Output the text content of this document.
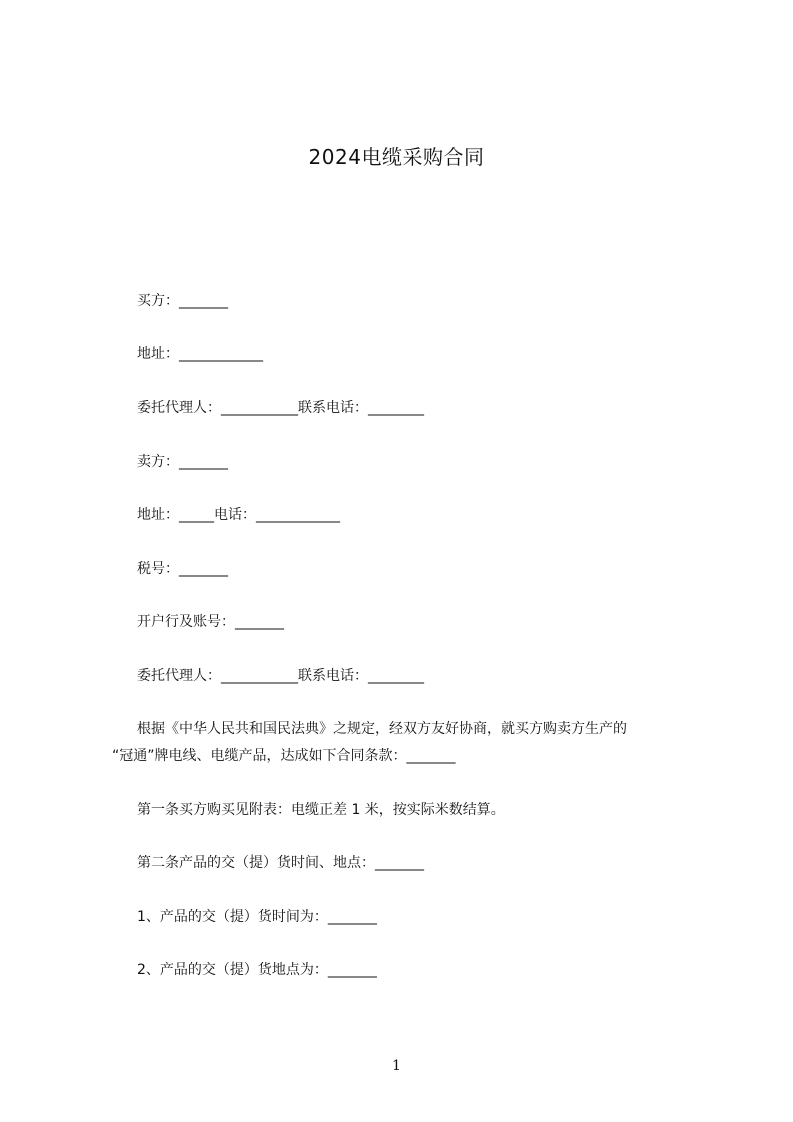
2024电缆采购合同
买方：_______
地址：____________
委托代理人：___________联系电话：________
卖方：_______
地址：_____电话：____________
税号：_______
开户行及账号：_______
委托代理人：___________联系电话：________
根据《中华人民共和国民法典》之规定，经双方友好协商，就买方购卖方生产的
“冠通”牌电线、电缆产品，达成如下合同条款：_______
第一条买方购买见附表：电缆正差 1 米，按实际米数结算。
第二条产品的交（提）货时间、地点：_______
1、产品的交（提）货时间为：_______
2、产品的交（提）货地点为：_______
1
